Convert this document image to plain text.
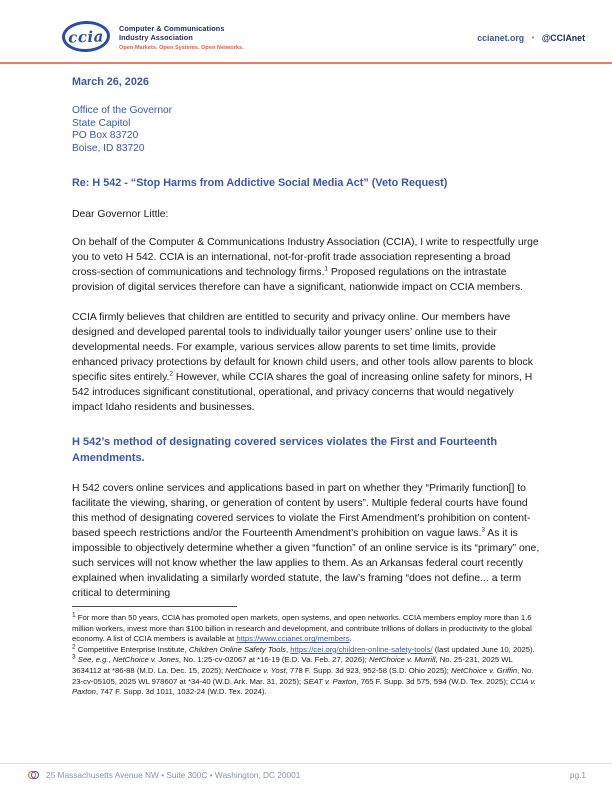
ccia Computer & Communications
Industry Association
Open Markets. Open Systems. Open Networks.
ccianet.org • @CCIAnet

March 26, 2026

Office of the Governor
State Capitol
PO Box 83720
Boise, ID 83720

Re: H 542 - “Stop Harms from Addictive Social Media Act” (Veto Request)

Dear Governor Little:

On behalf of the Computer & Communications Industry Association (CCIA), I write to respectfully urge you to veto H 542. CCIA is an international, not-for-profit trade association representing a broad cross-section of communications and technology firms.$^1$ Proposed regulations on the intrastate provision of digital services therefore can have a significant, nationwide impact on CCIA members.

CCIA firmly believes that children are entitled to security and privacy online. Our members have designed and developed parental tools to individually tailor younger users’ online use to their developmental needs. For example, various services allow parents to set time limits, provide enhanced privacy protections by default for known child users, and other tools allow parents to block specific sites entirely.$^2$ However, while CCIA shares the goal of increasing online safety for minors, H 542 introduces significant constitutional, operational, and privacy concerns that would negatively impact Idaho residents and businesses.

H 542’s method of designating covered services violates the First and Fourteenth Amendments.

H 542 covers online services and applications based in part on whether they “Primarily function[] to facilitate the viewing, sharing, or generation of content by users”. Multiple federal courts have found this method of designating covered services to violate the First Amendment’s prohibition on content-based speech restrictions and/or the Fourteenth Amendment’s prohibition on vague laws.$^3$ As it is impossible to objectively determine whether a given “function” of an online service is its “primary” one, such services will not know whether the law applies to them. As an Arkansas federal court recently explained when invalidating a similarly worded statute, the law’s framing “does not define... a term critical to determining

$^1$ For more than 50 years, CCIA has promoted open markets, open systems, and open networks. CCIA members employ more than 1.6 million workers, invest more than $100 billion in research and development, and contribute trillions of dollars in productivity to the global economy. A list of CCIA members is available at https://www.ccianet.org/members.

$^2$ Competitive Enterprise Institute, Children Online Safety Tools, https://cei.org/children-online-safety-tools/ (last updated June 10, 2025).

$^3$ See, e.g., NetChoice v. Jones, No. 1:25-cv-02067 at *16-19 (E.D. Va. Feb. 27, 2026); NetChoice v. Murrill, No. 25-231, 2025 WL 3634112 at *86-88 (M.D. La. Dec. 15, 2025); NetChoice v. Yost, 778 F. Supp. 3d 923, 952-58 (S.D. Ohio 2025); NetChoice v. Griffin, No. 23-cv-05105, 2025 WL 978607 at *34-40 (W.D. Ark. Mar. 31, 2025); SEAT v. Paxton, 765 F. Supp. 3d 575, 594 (W.D. Tex. 2025); CCIA v. Paxton, 747 F. Supp. 3d 1011, 1032-24 (W.D. Tex. 2024).

25 Massachusetts Avenue NW • Suite 300C • Washington, DC 20001	pg.1
